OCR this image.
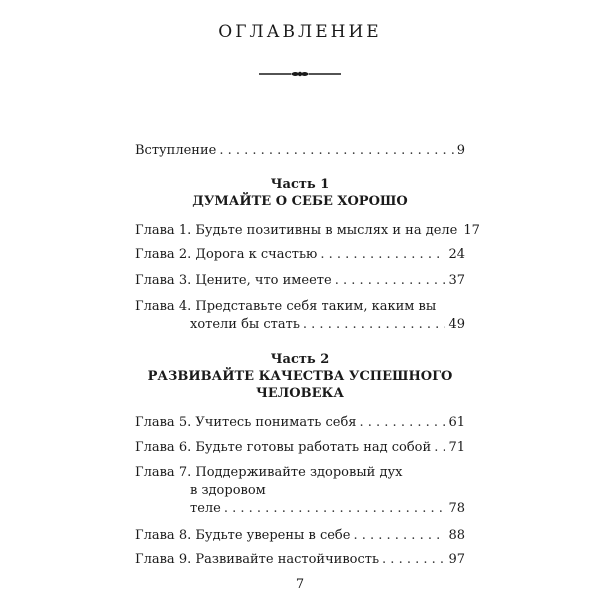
ОГЛАВЛЕНИЕ
Вступление . . .	9
Часть 1
ДУМАЙТЕ О СЕБЕ ХОРОШО
Глава 1. Будьте позитивны в мыслях и на деле 17
Глава 2. Дорога к счастью . . .	24
Глава 3. Цените, что имеете . . .	37
Глава 4. Представьте себя таким, каким вы
хотели бы стать . . .	49
Часть 2
РАЗВИВАЙТЕ КАЧЕСТВА УСПЕШНОГО
ЧЕЛОВЕКА
Глава 5. Учитесь понимать себя . . .	61
Глава 6. Будьте готовы работать над собой . . . 71
Глава 7. Поддерживайте здоровый дух
в здоровом
теле . . .	78
Глава 8. Будьте уверены в себе . . .	88
Глава 9. Развивайте настойчивость . . .	97
7
